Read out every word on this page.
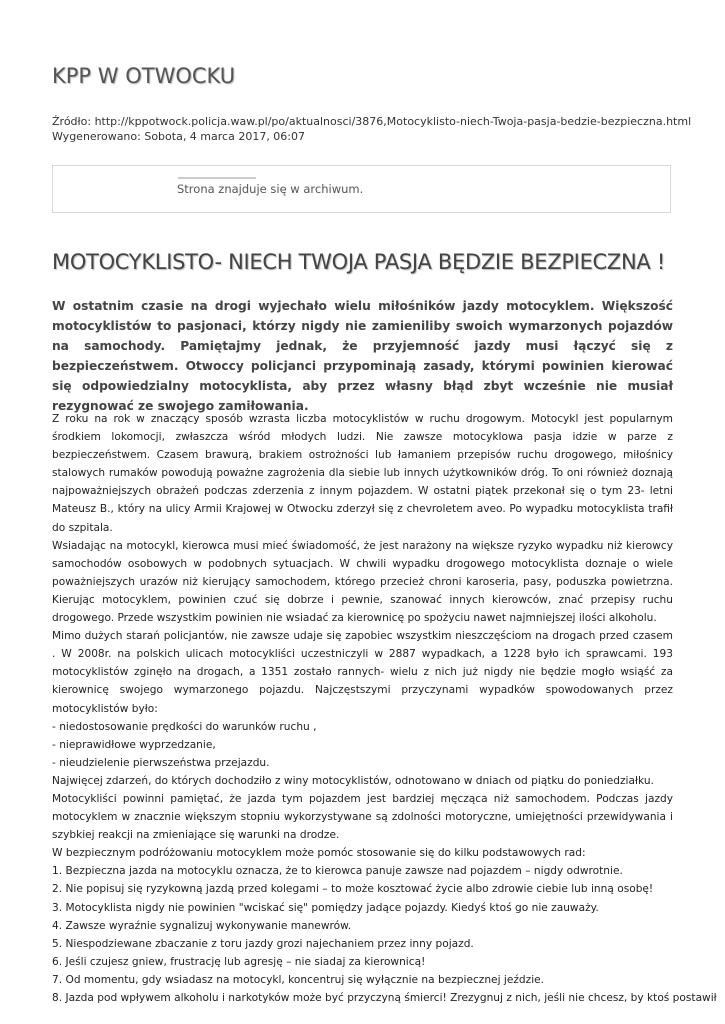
KPP W OTWOCKU
Źródło: http://kppotwock.policja.waw.pl/po/aktualnosci/3876,Motocyklisto-niech-Twoja-pasja-bedzie-bezpieczna.html
Wygenerowano: Sobota, 4 marca 2017, 06:07
Strona znajduje się w archiwum.
MOTOCYKLISTO- NIECH TWOJA PASJA BĘDZIE BEZPIECZNA !

W ostatnim czasie na drogi wyjechało wielu miłośników jazdy motocyklem. Większość motocyklistów to pasjonaci, którzy nigdy nie zamieniliby swoich wymarzonych pojazdów na samochody. Pamiętajmy jednak, że przyjemność jazdy musi łączyć się z bezpieczeństwem. Otwoccy policjanci przypominają zasady, którymi powinien kierować się odpowiedzialny motocyklista, aby przez własny błąd zbyt wcześnie nie musiał rezygnować ze swojego zamiłowania.

Z roku na rok w znaczący sposób wzrasta liczba motocyklistów w ruchu drogowym. Motocykl jest popularnym środkiem lokomocji, zwłaszcza wśród młodych ludzi. Nie zawsze motocyklowa pasja idzie w parze z bezpieczeństwem. Czasem brawurą, brakiem ostrożności lub łamaniem przepisów ruchu drogowego, miłośnicy stalowych rumaków powodują poważne zagrożenia dla siebie lub innych użytkowników dróg. To oni również doznają najpoważniejszych obrażeń podczas zderzenia z innym pojazdem. W ostatni piątek przekonał się o tym 23- letni Mateusz B., który na ulicy Armii Krajowej w Otwocku zderzył się z chevroletem aveo. Po wypadku motocyklista trafił do szpitala.

Wsiadając na motocykl, kierowca musi mieć świadomość, że jest narażony na większe ryzyko wypadku niż kierowcy samochodów osobowych w podobnych sytuacjach. W chwili wypadku drogowego motocyklista doznaje o wiele poważniejszych urazów niż kierujący samochodem, którego przecież chroni karoseria, pasy, poduszka powietrzna. Kierując motocyklem, powinien czuć się dobrze i pewnie, szanować innych kierowców, znać przepisy ruchu drogowego. Przede wszystkim powinien nie wsiadać za kierownicę po spożyciu nawet najmniejszej ilości alkoholu.

Mimo dużych starań policjantów, nie zawsze udaje się zapobiec wszystkim nieszczęściom na drogach przed czasem . W 2008r. na polskich ulicach motocykliści uczestniczyli w 2887 wypadkach, a 1228 było ich sprawcami. 193 motocyklistów zginęło na drogach, a 1351 zostało rannych- wielu z nich już nigdy nie będzie mogło wsiąść za kierownicę swojego wymarzonego pojazdu. Najczęstszymi przyczynami wypadków spowodowanych przez motocyklistów było:

- niedostosowanie prędkości do warunków ruchu ,
- nieprawidłowe wyprzedzanie,
- nieudzielenie pierwszeństwa przejazdu.
Najwięcej zdarzeń, do których dochodziło z winy motocyklistów, odnotowano w dniach od piątku do poniedziałku.

Motocykliści powinni pamiętać, że jazda tym pojazdem jest bardziej męcząca niż samochodem. Podczas jazdy motocyklem w znacznie większym stopniu wykorzystywane są zdolności motoryczne, umiejętności przewidywania i szybkiej reakcji na zmieniające się warunki na drodze.

W bezpiecznym podróżowaniu motocyklem może pomóc stosowanie się do kilku podstawowych rad:
1. Bezpieczna jazda na motocyklu oznacza, że to kierowca panuje zawsze nad pojazdem – nigdy odwrotnie.
2. Nie popisuj się ryzykowną jazdą przed kolegami – to może kosztować życie albo zdrowie ciebie lub inną osobę!
3. Motocyklista nigdy nie powinien "wciskać się" pomiędzy jadące pojazdy. Kiedyś ktoś go nie zauważy.
4. Zawsze wyraźnie sygnalizuj wykonywanie manewrów.
5. Niespodziewane zbaczanie z toru jazdy grozi najechaniem przez inny pojazd.
6. Jeśli czujesz gniew, frustrację lub agresję – nie siadaj za kierownicą!
7. Od momentu, gdy wsiadasz na motocykl, koncentruj się wyłącznie na bezpiecznej jeździe.
8. Jazda pod wpływem alkoholu i narkotyków może być przyczyną śmierci! Zrezygnuj z nich, jeśli nie chcesz, by ktoś postawił
